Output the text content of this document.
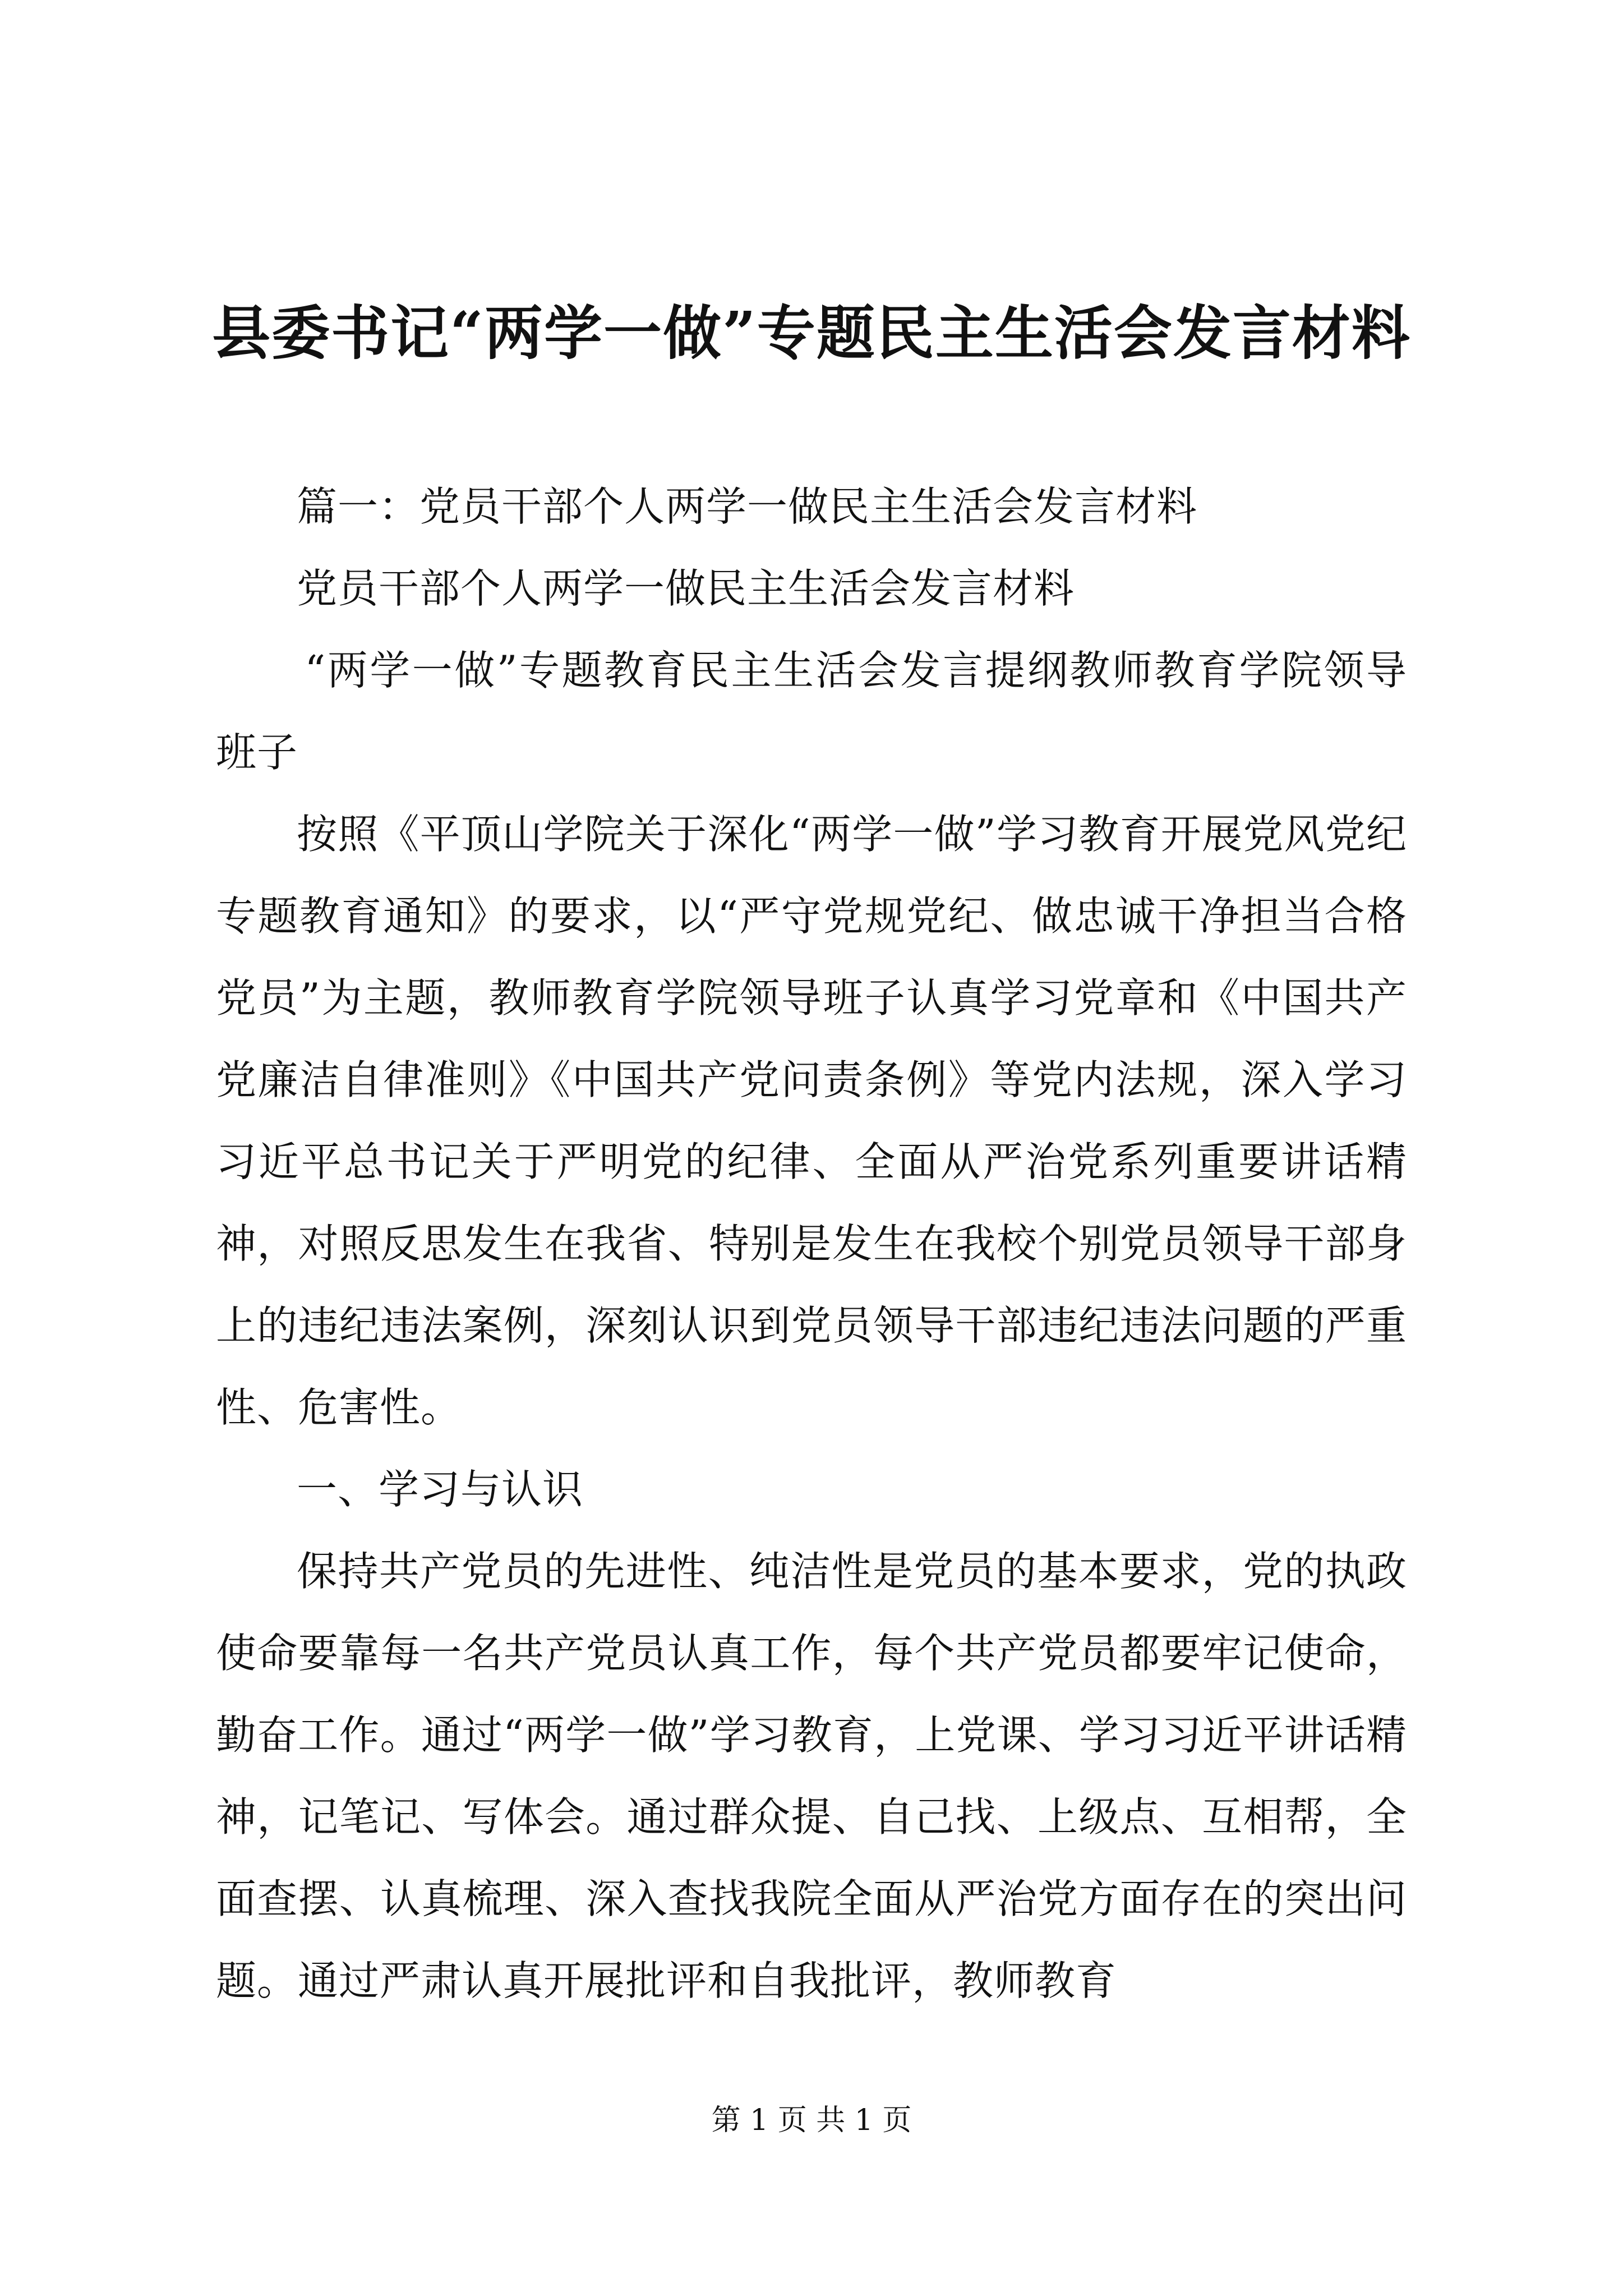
县委书记“两学一做”专题民主生活会发言材料

篇一：党员干部个人两学一做民主生活会发言材料

党员干部个人两学一做民主生活会发言材料

“两学一做”专题教育民主生活会发言提纲教师教育学院领导班子

按照《平顶山学院关于深化“两学一做”学习教育开展党风党纪专题教育通知》的要求，以“严守党规党纪、做忠诚干净担当合格党员”为主题，教师教育学院领导班子认真学习党章和《中国共产党廉洁自律准则》《中国共产党问责条例》等党内法规，深入学习习近平总书记关于严明党的纪律、全面从严治党系列重要讲话精神，对照反思发生在我省、特别是发生在我校个别党员领导干部身上的违纪违法案例，深刻认识到党员领导干部违纪违法问题的严重性、危害性。

一、学习与认识

保持共产党员的先进性、纯洁性是党员的基本要求，党的执政使命要靠每一名共产党员认真工作，每个共产党员都要牢记使命，勤奋工作。通过“两学一做”学习教育，上党课、学习习近平讲话精神，记笔记、写体会。通过群众提、自己找、上级点、互相帮，全面查摆、认真梳理、深入查找我院全面从严治党方面存在的突出问题。通过严肃认真开展批评和自我批评，教师教育

第 1 页 共 1 页
